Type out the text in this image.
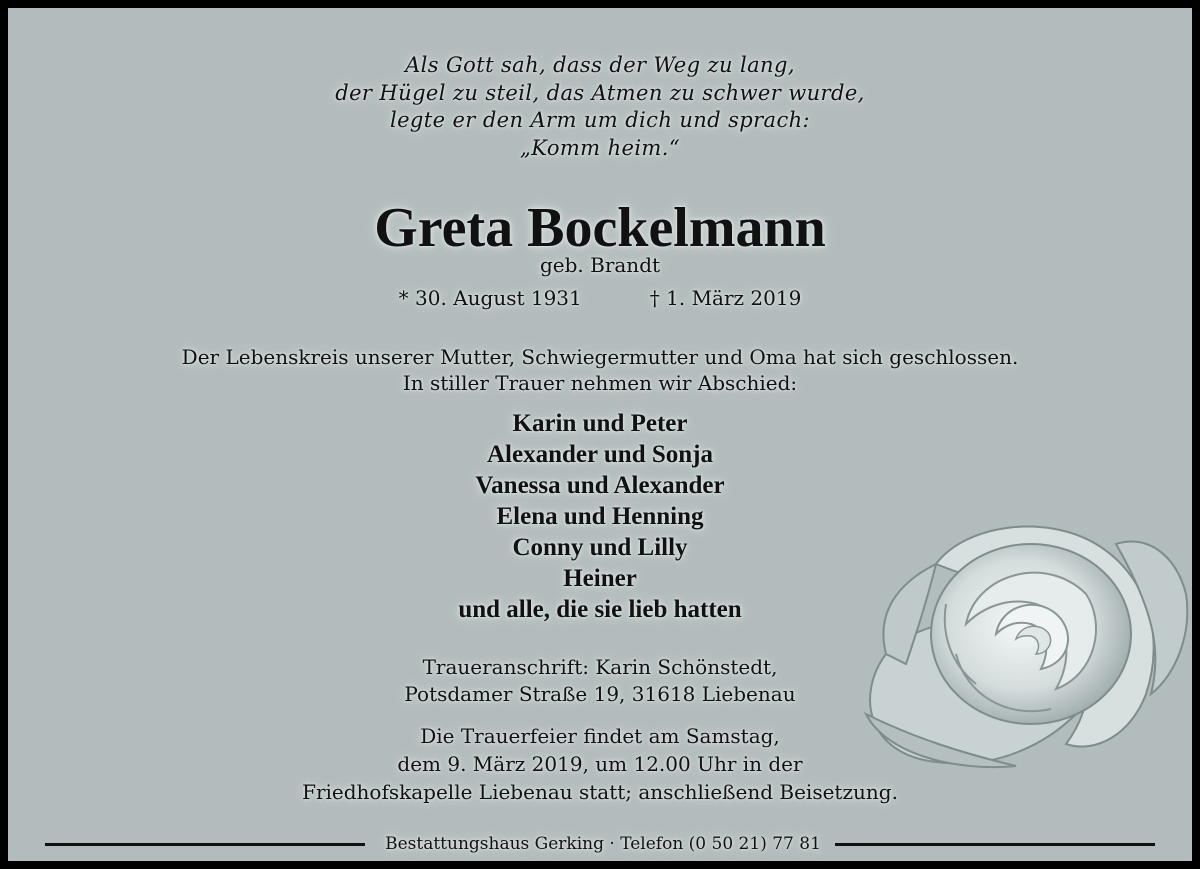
Als Gott sah, dass der Weg zu lang,
der Hügel zu steil, das Atmen zu schwer wurde,
legte er den Arm um dich und sprach:
„Komm heim.“
Greta Bockelmann
geb. Brandt
* 30. August 1931	† 1. März 2019
Der Lebenskreis unserer Mutter, Schwiegermutter und Oma hat sich geschlossen.
In stiller Trauer nehmen wir Abschied:
Karin und Peter
Alexander und Sonja
Vanessa und Alexander
Elena und Henning
Conny und Lilly
Heiner
und alle, die sie lieb hatten
Traueranschrift: Karin Schönstedt,
Potsdamer Straße 19, 31618 Liebenau
Die Trauerfeier findet am Samstag,
dem 9. März 2019, um 12.00 Uhr in der
Friedhofskapelle Liebenau statt; anschließend Beisetzung.
Bestattungshaus Gerking · Telefon (0 50 21) 77 81
